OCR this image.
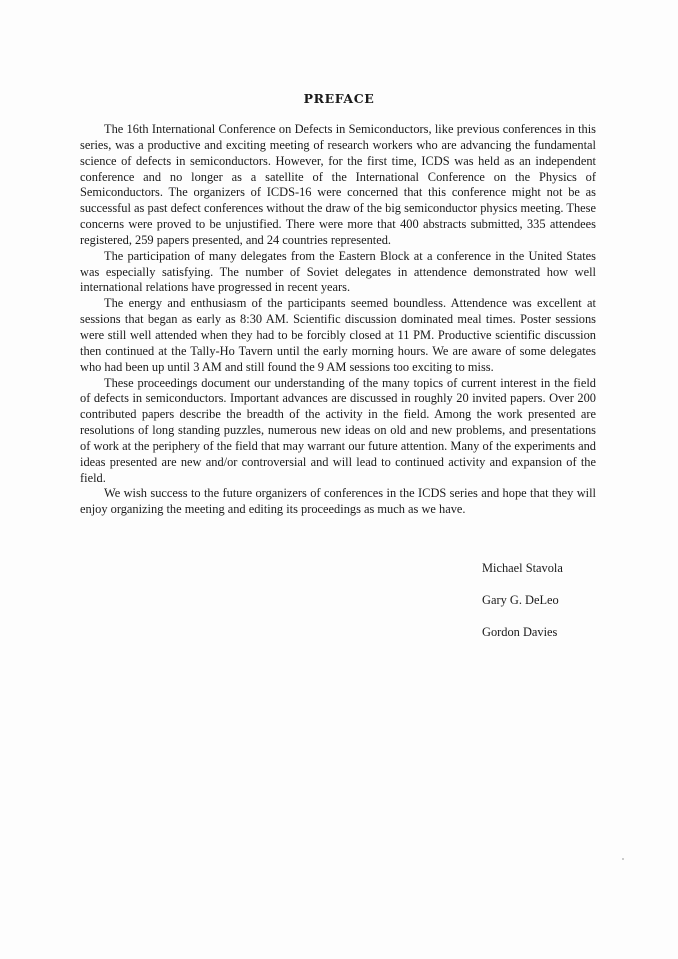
PREFACE

The 16th International Conference on Defects in Semiconductors, like previous conferences in this series, was a productive and exciting meeting of research workers who are advancing the fundamental science of defects in semiconductors. However, for the first time, ICDS was held as an independent conference and no longer as a satellite of the International Conference on the Physics of Semiconductors. The organizers of ICDS-16 were concerned that this conference might not be as successful as past defect conferences without the draw of the big semiconductor physics meeting. These concerns were proved to be unjustified. There were more that 400 abstracts submitted, 335 attendees registered, 259 papers presented, and 24 countries represented.

The participation of many delegates from the Eastern Block at a conference in the United States was especially satisfying. The number of Soviet delegates in attendence demonstrated how well international relations have progressed in recent years.

The energy and enthusiasm of the participants seemed boundless. Attendence was excellent at sessions that began as early as 8:30 AM. Scientific discussion dominated meal times. Poster sessions were still well attended when they had to be forcibly closed at 11 PM. Productive scientific discussion then continued at the Tally-Ho Tavern until the early morning hours. We are aware of some delegates who had been up until 3 AM and still found the 9 AM sessions too exciting to miss.

These proceedings document our understanding of the many topics of current interest in the field of defects in semiconductors. Important advances are discussed in roughly 20 invited papers. Over 200 contributed papers describe the breadth of the activity in the field. Among the work presented are resolutions of long standing puzzles, numerous new ideas on old and new problems, and presentations of work at the periphery of the field that may warrant our future attention. Many of the experiments and ideas presented are new and/or controversial and will lead to continued activity and expansion of the field.

We wish success to the future organizers of conferences in the ICDS series and hope that they will enjoy organizing the meeting and editing its proceedings as much as we have.

Michael Stavola
Gary G. DeLeo
Gordon Davies
